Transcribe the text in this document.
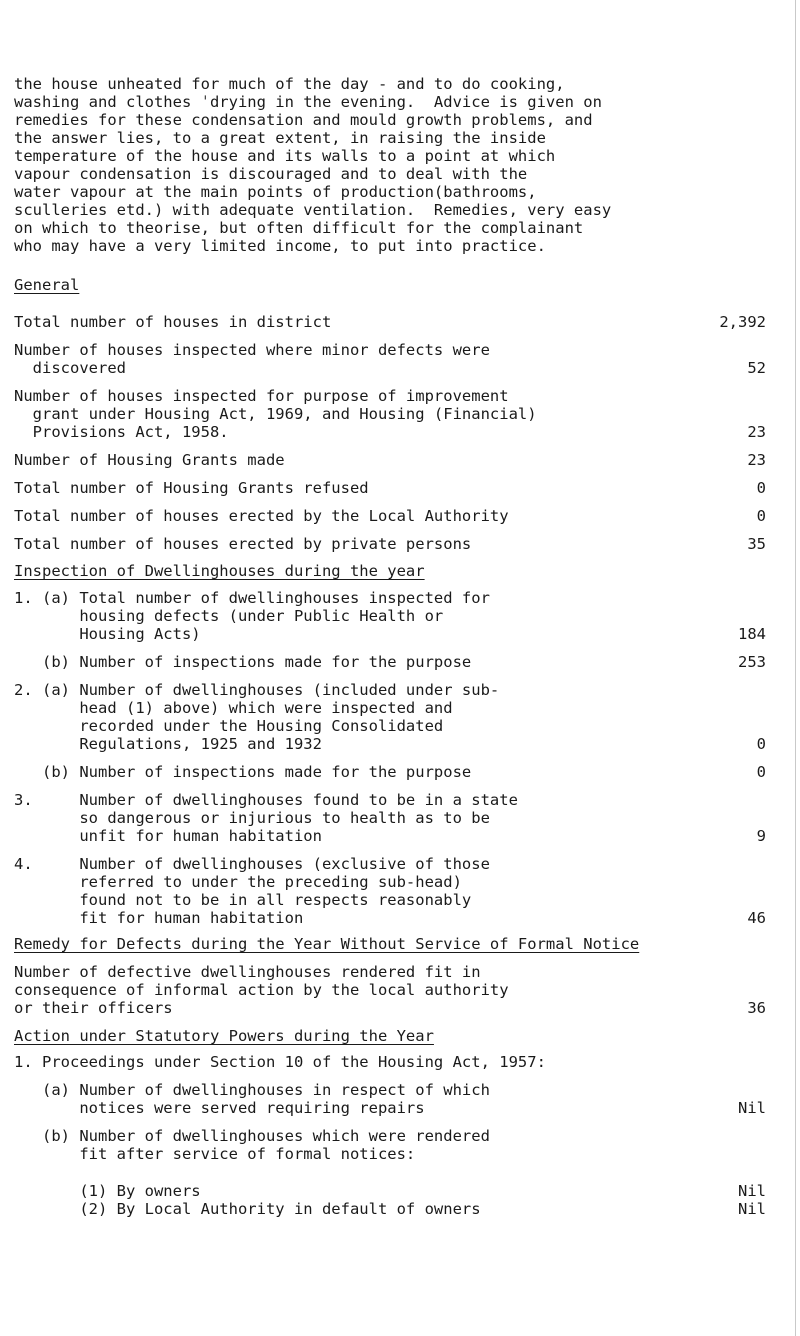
the house unheated for much of the day - and to do cooking,
washing and clothes ˈdrying in the evening.  Advice is given on
remedies for these condensation and mould growth problems, and
the answer lies, to a great extent, in raising the inside
temperature of the house and its walls to a point at which
vapour condensation is discouraged and to deal with the
water vapour at the main points of production(bathrooms,
sculleries etd.) with adequate ventilation.  Remedies, very easy
on which to theorise, but often difficult for the complainant
who may have a very limited income, to put into practice.
General
Total number of houses in district	2,392
Number of houses inspected where minor defects were
discovered	52
Number of houses inspected for purpose of improvement
grant under Housing Act, 1969, and Housing (Financial)
Provisions Act, 1958.	23
Number of Housing Grants made	23
Total number of Housing Grants refused	0
Total number of houses erected by the Local Authority	0
Total number of houses erected by private persons	35
Inspection of Dwellinghouses during the year
1. (a) Total number of dwellinghouses inspected for
housing defects (under Public Health or
Housing Acts)	184
(b) Number of inspections made for the purpose	253
2. (a) Number of dwellinghouses (included under sub-
head (1) above) which were inspected and
recorded under the Housing Consolidated
Regulations, 1925 and 1932	0
(b) Number of inspections made for the purpose	0
3.     Number of dwellinghouses found to be in a state
so dangerous or injurious to health as to be
unfit for human habitation	9
4.     Number of dwellinghouses (exclusive of those
referred to under the preceding sub-head)
found not to be in all respects reasonably
fit for human habitation	46
Remedy for Defects during the Year Without Service of Formal Notice
Number of defective dwellinghouses rendered fit in
consequence of informal action by the local authority
or their officers	36
Action under Statutory Powers during the Year
1. Proceedings under Section 10 of the Housing Act, 1957:
(a) Number of dwellinghouses in respect of which
notices were served requiring repairs	Nil
(b) Number of dwellinghouses which were rendered
fit after service of formal notices:
(1) By owners	Nil
(2) By Local Authority in default of owners	Nil
